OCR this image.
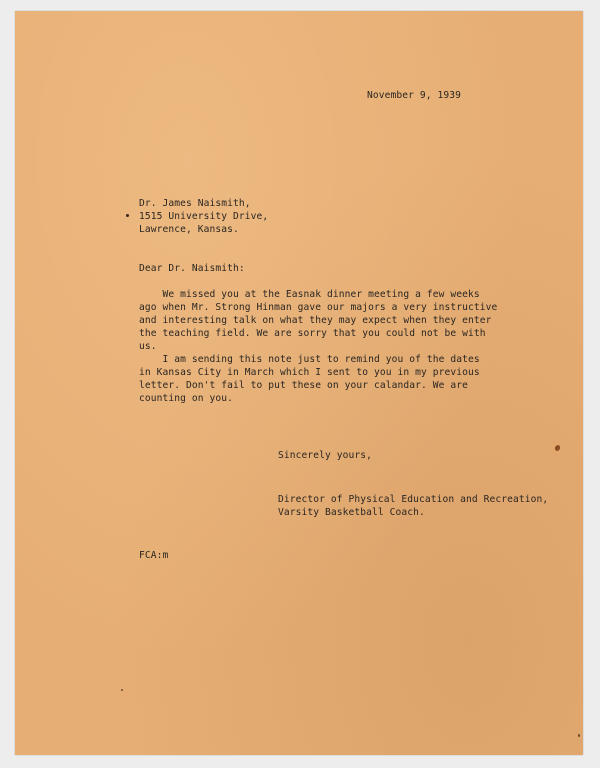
November 9, 1939
Dr. James Naismith,
1515 University Drive,
Lawrence, Kansas.
Dear Dr. Naismith:
We missed you at the Easnak dinner meeting a few weeks
ago when Mr. Strong Hinman gave our majors a very instructive
and interesting talk on what they may expect when they enter
the teaching field. We are sorry that you could not be with
us.
I am sending this note just to remind you of the dates
in Kansas City in March which I sent to you in my previous
letter. Don't fail to put these on your calandar. We are
counting on you.
Sincerely yours,
Director of Physical Education and Recreation,
Varsity Basketball Coach.
FCA:m
